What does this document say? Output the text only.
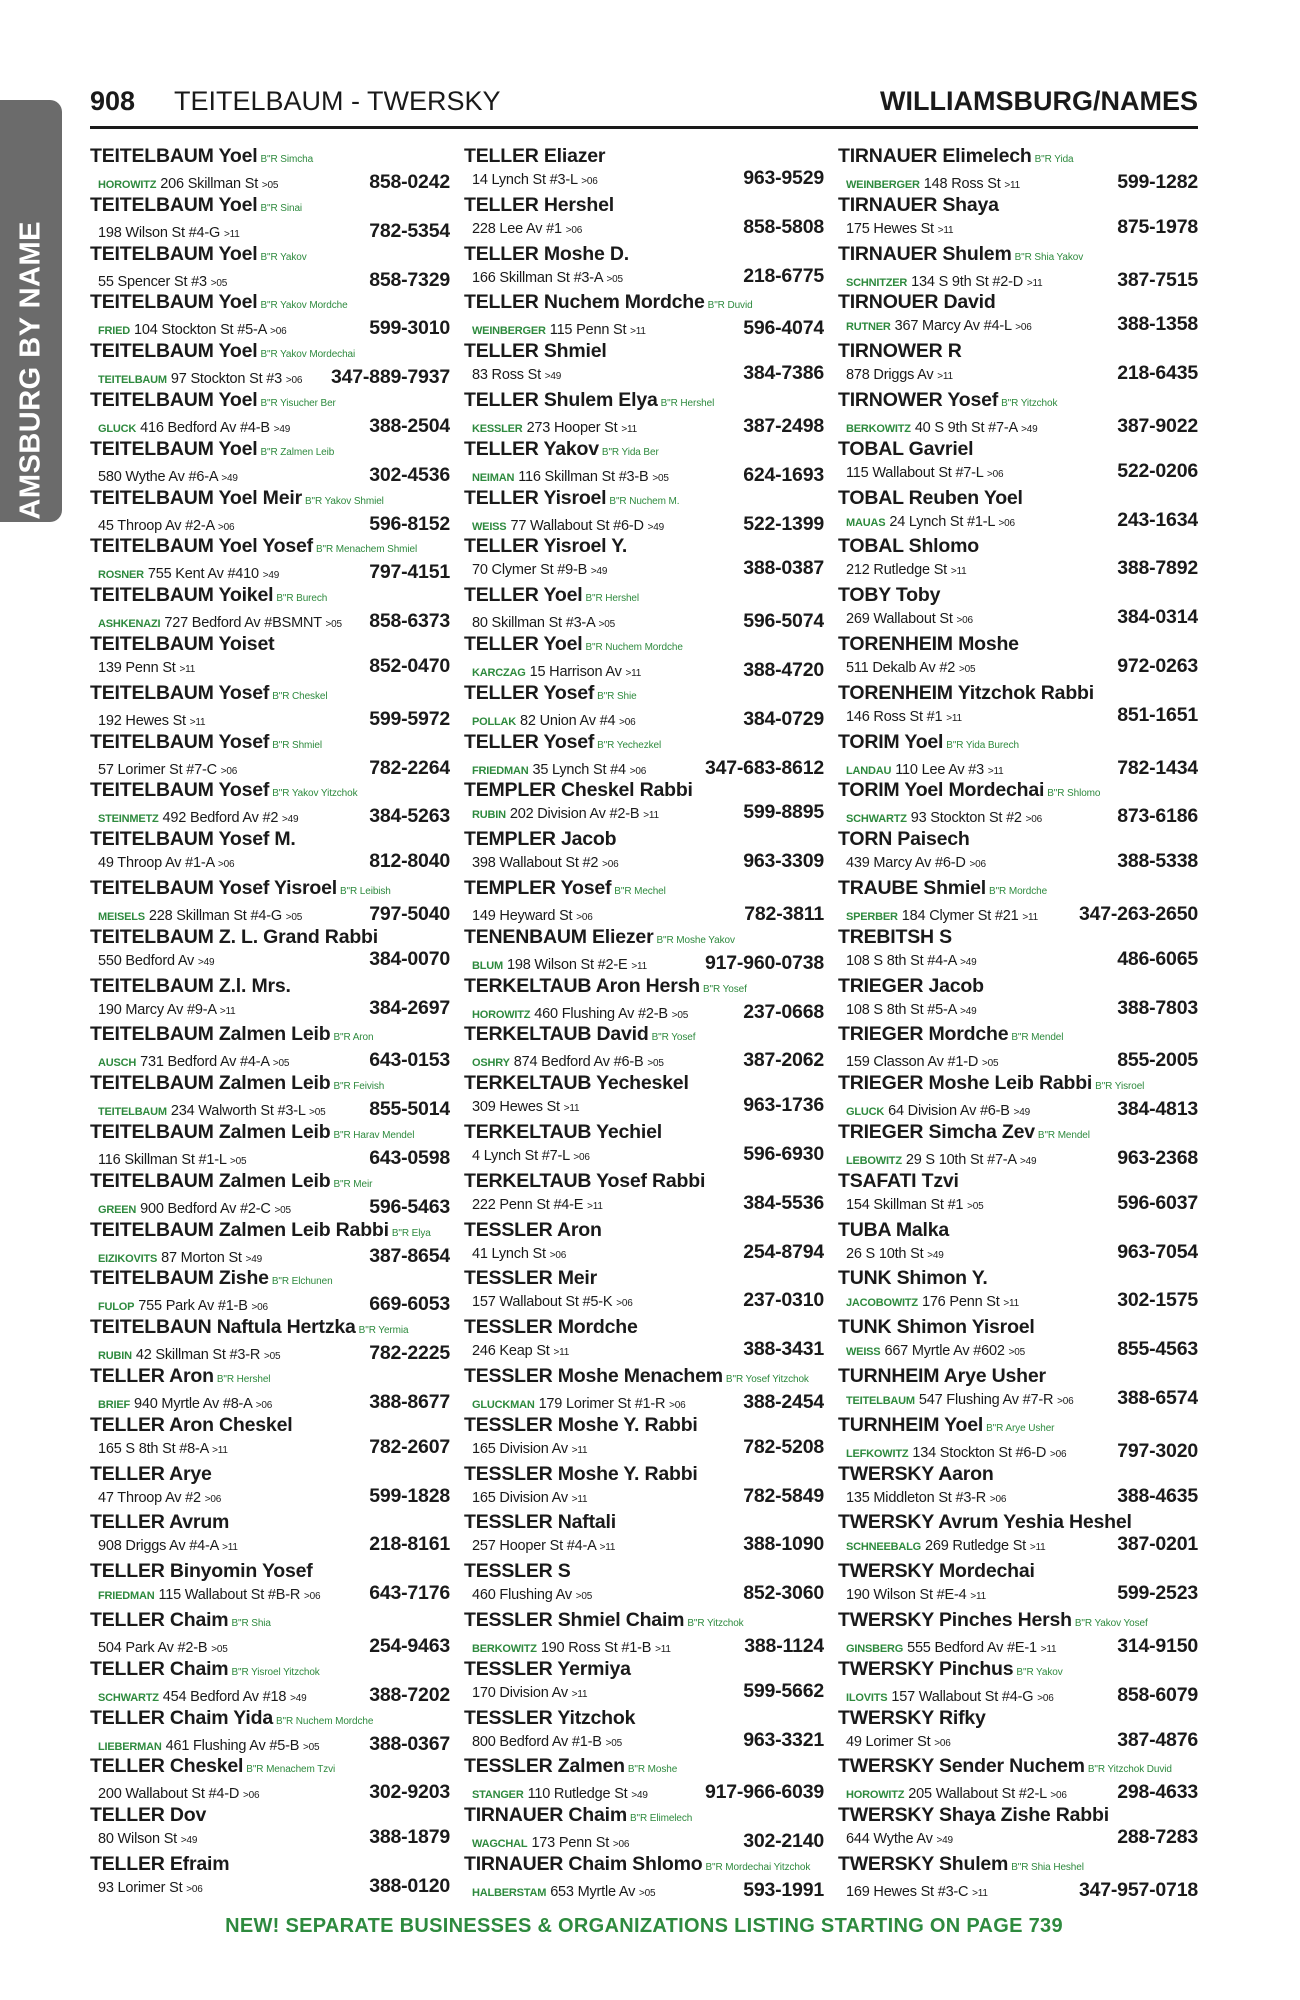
WILLIAMSBURG BY NAME
908 TEITELBAUM - TWERSKY	WILLIAMSBURG/NAMES
TEITELBAUM Yoel B"R Simcha
HOROWITZ 206 Skillman St >05	858-0242
TEITELBAUM Yoel B"R Sinai
198 Wilson St #4-G >11	782-5354
TEITELBAUM Yoel B"R Yakov
55 Spencer St #3 >05	858-7329
TEITELBAUM Yoel B"R Yakov Mordche
FRIED 104 Stockton St #5-A >06	599-3010
TEITELBAUM Yoel B"R Yakov Mordechai
TEITELBAUM 97 Stockton St #3 >06 347-889-7937
TEITELBAUM Yoel B"R Yisucher Ber
GLUCK 416 Bedford Av #4-B >49	388-2504
TEITELBAUM Yoel B"R Zalmen Leib
580 Wythe Av #6-A >49	302-4536
TEITELBAUM Yoel Meir B"R Yakov Shmiel
45 Throop Av #2-A >06	596-8152
TEITELBAUM Yoel Yosef B"R Menachem Shmiel
ROSNER 755 Kent Av #410 >49	797-4151
TEITELBAUM Yoikel B"R Burech
ASHKENAZI 727 Bedford Av #BSMNT >05 858-6373
TEITELBAUM Yoiset
139 Penn St >11	852-0470
TEITELBAUM Yosef B"R Cheskel
192 Hewes St >11	599-5972
TEITELBAUM Yosef B"R Shmiel
57 Lorimer St #7-C >06	782-2264
TEITELBAUM Yosef B"R Yakov Yitzchok
STEINMETZ 492 Bedford Av #2 >49	384-5263
TEITELBAUM Yosef M.
49 Throop Av #1-A >06	812-8040
TEITELBAUM Yosef Yisroel B"R Leibish
MEISELS 228 Skillman St #4-G >05	797-5040
TEITELBAUM Z. L. Grand Rabbi
550 Bedford Av >49	384-0070
TEITELBAUM Z.l. Mrs.
190 Marcy Av #9-A >11	384-2697
TEITELBAUM Zalmen Leib B"R Aron
AUSCH 731 Bedford Av #4-A >05	643-0153
TEITELBAUM Zalmen Leib B"R Feivish
TEITELBAUM 234 Walworth St #3-L >05 855-5014
TEITELBAUM Zalmen Leib B"R Harav Mendel
116 Skillman St #1-L >05	643-0598
TEITELBAUM Zalmen Leib B"R Meir
GREEN 900 Bedford Av #2-C >05	596-5463
TEITELBAUM Zalmen Leib Rabbi B"R Elya
EIZIKOVITS 87 Morton St >49	387-8654
TEITELBAUM Zishe B"R Elchunen
FULOP 755 Park Av #1-B >06	669-6053
TEITELBAUN Naftula Hertzka B"R Yermia
RUBIN 42 Skillman St #3-R >05	782-2225
TELLER Aron B"R Hershel
BRIEF 940 Myrtle Av #8-A >06	388-8677
TELLER Aron Cheskel
165 S 8th St #8-A >11	782-2607
TELLER Arye
47 Throop Av #2 >06	599-1828
TELLER Avrum
908 Driggs Av #4-A >11	218-8161
TELLER Binyomin Yosef
FRIEDMAN 115 Wallabout St #B-R >06	643-7176
TELLER Chaim B"R Shia
504 Park Av #2-B >05	254-9463
TELLER Chaim B"R Yisroel Yitzchok
SCHWARTZ 454 Bedford Av #18 >49	388-7202
TELLER Chaim Yida B"R Nuchem Mordche
LIEBERMAN 461 Flushing Av #5-B >05	388-0367
TELLER Cheskel B"R Menachem Tzvi
200 Wallabout St #4-D >06	302-9203
TELLER Dov
80 Wilson St >49	388-1879
TELLER Efraim
93 Lorimer St >06	388-0120
TELLER Eliazer
14 Lynch St #3-L >06	963-9529
TELLER Hershel
228 Lee Av #1 >06	858-5808
TELLER Moshe D.
166 Skillman St #3-A >05	218-6775
TELLER Nuchem Mordche B"R Duvid
WEINBERGER 115 Penn St >11	596-4074
TELLER Shmiel
83 Ross St >49	384-7386
TELLER Shulem Elya B"R Hershel
KESSLER 273 Hooper St >11	387-2498
TELLER Yakov B"R Yida Ber
NEIMAN 116 Skillman St #3-B >05	624-1693
TELLER Yisroel B"R Nuchem M.
WEISS 77 Wallabout St #6-D >49	522-1399
TELLER Yisroel Y.
70 Clymer St #9-B >49	388-0387
TELLER Yoel B"R Hershel
80 Skillman St #3-A >05	596-5074
TELLER Yoel B"R Nuchem Mordche
KARCZAG 15 Harrison Av >11	388-4720
TELLER Yosef B"R Shie
POLLAK 82 Union Av #4 >06	384-0729
TELLER Yosef B"R Yechezkel
FRIEDMAN 35 Lynch St #4 >06	347-683-8612
TEMPLER Cheskel Rabbi
RUBIN 202 Division Av #2-B >11	599-8895
TEMPLER Jacob
398 Wallabout St #2 >06	963-3309
TEMPLER Yosef B"R Mechel
149 Heyward St >06	782-3811
TENENBAUM Eliezer B"R Moshe Yakov
BLUM 198 Wilson St #2-E >11	917-960-0738
TERKELTAUB Aron Hersh B"R Yosef
HOROWITZ 460 Flushing Av #2-B >05	237-0668
TERKELTAUB David B"R Yosef
OSHRY 874 Bedford Av #6-B >05	387-2062
TERKELTAUB Yecheskel
309 Hewes St >11	963-1736
TERKELTAUB Yechiel
4 Lynch St #7-L >06	596-6930
TERKELTAUB Yosef Rabbi
222 Penn St #4-E >11	384-5536
TESSLER Aron
41 Lynch St >06	254-8794
TESSLER Meir
157 Wallabout St #5-K >06	237-0310
TESSLER Mordche
246 Keap St >11	388-3431
TESSLER Moshe Menachem B"R Yosef Yitzchok
GLUCKMAN 179 Lorimer St #1-R >06	388-2454
TESSLER Moshe Y. Rabbi
165 Division Av >11	782-5208
TESSLER Moshe Y. Rabbi
165 Division Av >11	782-5849
TESSLER Naftali
257 Hooper St #4-A >11	388-1090
TESSLER S
460 Flushing Av >05	852-3060
TESSLER Shmiel Chaim B"R Yitzchok
BERKOWITZ 190 Ross St #1-B >11	388-1124
TESSLER Yermiya
170 Division Av >11	599-5662
TESSLER Yitzchok
800 Bedford Av #1-B >05	963-3321
TESSLER Zalmen B"R Moshe
STANGER 110 Rutledge St >49	917-966-6039
TIRNAUER Chaim B"R Elimelech
WAGCHAL 173 Penn St >06	302-2140
TIRNAUER Chaim Shlomo B"R Mordechai Yitzchok
HALBERSTAM 653 Myrtle Av >05	593-1991
TIRNAUER Elimelech B"R Yida
WEINBERGER 148 Ross St >11	599-1282
TIRNAUER Shaya
175 Hewes St >11	875-1978
TIRNAUER Shulem B"R Shia Yakov
SCHNITZER 134 S 9th St #2-D >11	387-7515
TIRNOUER David
RUTNER 367 Marcy Av #4-L >06	388-1358
TIRNOWER R
878 Driggs Av >11	218-6435
TIRNOWER Yosef B"R Yitzchok
BERKOWITZ 40 S 9th St #7-A >49	387-9022
TOBAL Gavriel
115 Wallabout St #7-L >06	522-0206
TOBAL Reuben Yoel
MAUAS 24 Lynch St #1-L >06	243-1634
TOBAL Shlomo
212 Rutledge St >11	388-7892
TOBY Toby
269 Wallabout St >06	384-0314
TORENHEIM Moshe
511 Dekalb Av #2 >05	972-0263
TORENHEIM Yitzchok Rabbi
146 Ross St #1 >11	851-1651
TORIM Yoel B"R Yida Burech
LANDAU 110 Lee Av #3 >11	782-1434
TORIM Yoel Mordechai B"R Shlomo
SCHWARTZ 93 Stockton St #2 >06	873-6186
TORN Paisech
439 Marcy Av #6-D >06	388-5338
TRAUBE Shmiel B"R Mordche
SPERBER 184 Clymer St #21 >11 347-263-2650
TREBITSH S
108 S 8th St #4-A >49	486-6065
TRIEGER Jacob
108 S 8th St #5-A >49	388-7803
TRIEGER Mordche B"R Mendel
159 Classon Av #1-D >05	855-2005
TRIEGER Moshe Leib Rabbi B"R Yisroel
GLUCK 64 Division Av #6-B >49	384-4813
TRIEGER Simcha Zev B"R Mendel
LEBOWITZ 29 S 10th St #7-A >49	963-2368
TSAFATI Tzvi
154 Skillman St #1 >05	596-6037
TUBA Malka
26 S 10th St >49	963-7054
TUNK Shimon Y.
JACOBOWITZ 176 Penn St >11	302-1575
TUNK Shimon Yisroel
WEISS 667 Myrtle Av #602 >05	855-4563
TURNHEIM Arye Usher
TEITELBAUM 547 Flushing Av #7-R >06 388-6574
TURNHEIM Yoel B"R Arye Usher
LEFKOWITZ 134 Stockton St #6-D >06	797-3020
TWERSKY Aaron
135 Middleton St #3-R >06	388-4635
TWERSKY Avrum Yeshia Heshel
SCHNEEBALG 269 Rutledge St >11	387-0201
TWERSKY Mordechai
190 Wilson St #E-4 >11	599-2523
TWERSKY Pinches Hersh B"R Yakov Yosef
GINSBERG 555 Bedford Av #E-1 >11	314-9150
TWERSKY Pinchus B"R Yakov
ILOVITS 157 Wallabout St #4-G >06	858-6079
TWERSKY Rifky
49 Lorimer St >06	387-4876
TWERSKY Sender Nuchem B"R Yitzchok Duvid
HOROWITZ 205 Wallabout St #2-L >06	298-4633
TWERSKY Shaya Zishe Rabbi
644 Wythe Av >49	288-7283
TWERSKY Shulem B"R Shia Heshel
169 Hewes St #3-C >11	347-957-0718
NEW! SEPARATE BUSINESSES & ORGANIZATIONS LISTING STARTING ON PAGE 739
